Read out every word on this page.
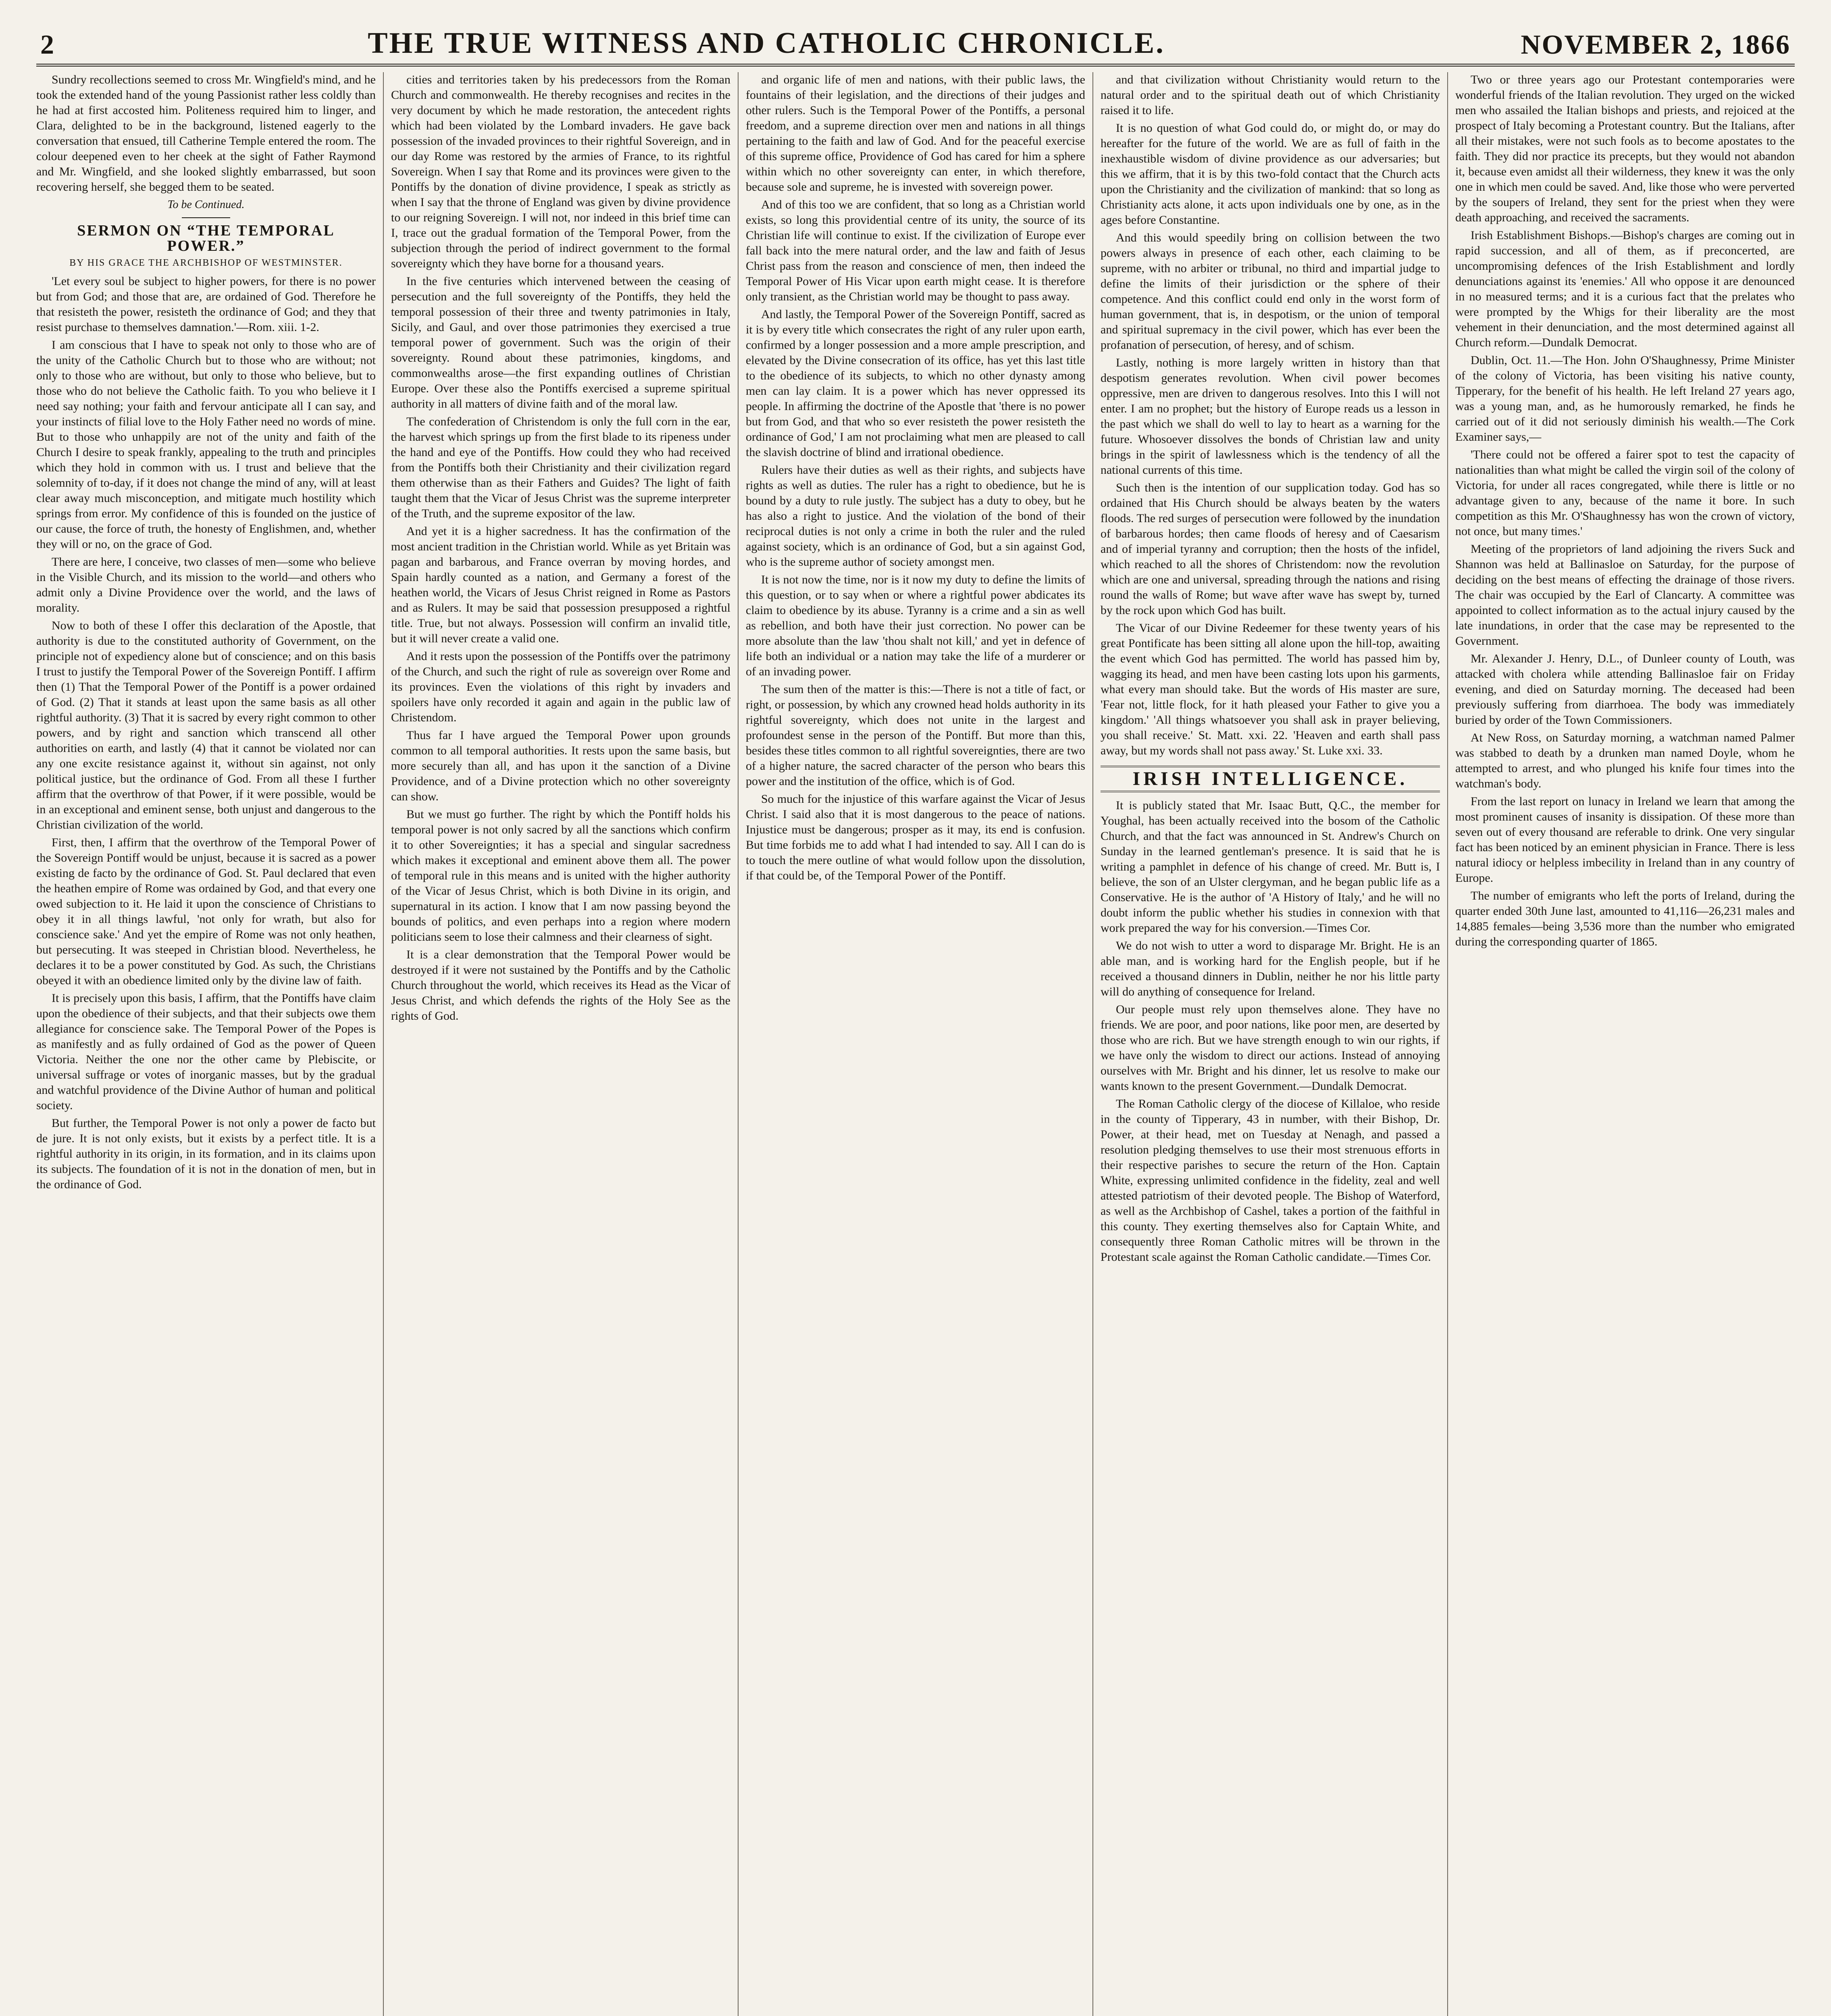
2	THE TRUE WITNESS AND CATHOLIC CHRONICLE.	NOVEMBER 2, 1866

Sundry recollections seemed to cross Mr. Wingfield's mind, and he took the extended hand of the young Passionist rather less coldly than he had at first accosted him. Politeness required him to linger, and Clara, delighted to be in the background, listened eagerly to the conversation that ensued, till Catherine Temple entered the room. The colour deepened even to her cheek at the sight of Father Raymond and Mr. Wingfield, and she looked slightly embarrassed, but soon recovering herself, she begged them to be seated.

To be Continued.
SERMON ON “THE TEMPORAL POWER.”
BY HIS GRACE THE ARCHBISHOP OF WESTMINSTER.

'Let every soul be subject to higher powers, for there is no power but from God; and those that are, are ordained of God. Therefore he that resisteth the power, resisteth the ordinance of God; and they that resist purchase to themselves damnation.'—Rom. xiii. 1-2.

I am conscious that I have to speak not only to those who are of the unity of the Catholic Church but to those who are without; not only to those who are without, but only to those who believe, but to those who do not believe the Catholic faith. To you who believe it I need say nothing; your faith and fervour anticipate all I can say, and your instincts of filial love to the Holy Father need no words of mine. But to those who unhappily are not of the unity and faith of the Church I desire to speak frankly, appealing to the truth and principles which they hold in common with us. I trust and believe that the solemnity of to-day, if it does not change the mind of any, will at least clear away much misconception, and mitigate much hostility which springs from error. My confidence of this is founded on the justice of our cause, the force of truth, the honesty of Englishmen, and, whether they will or no, on the grace of God.

There are here, I conceive, two classes of men—some who believe in the Visible Church, and its mission to the world—and others who admit only a Divine Providence over the world, and the laws of morality.

Now to both of these I offer this declaration of the Apostle, that authority is due to the constituted authority of Government, on the principle not of expediency alone but of conscience; and on this basis I trust to justify the Temporal Power of the Sovereign Pontiff. I affirm then (1) That the Temporal Power of the Pontiff is a power ordained of God. (2) That it stands at least upon the same basis as all other rightful authority. (3) That it is sacred by every right common to other powers, and by right and sanction which transcend all other authorities on earth, and lastly (4) that it cannot be violated nor can any one excite resistance against it, without sin against, not only political justice, but the ordinance of God. From all these I further affirm that the overthrow of that Power, if it were possible, would be in an exceptional and eminent sense, both unjust and dangerous to the Christian civilization of the world.

First, then, I affirm that the overthrow of the Temporal Power of the Sovereign Pontiff would be unjust, because it is sacred as a power existing de facto by the ordinance of God. St. Paul declared that even the heathen empire of Rome was ordained by God, and that every one owed subjection to it. He laid it upon the conscience of Christians to obey it in all things lawful, 'not only for wrath, but also for conscience sake.' And yet the empire of Rome was not only heathen, but persecuting. It was steeped in Christian blood. Nevertheless, he declares it to be a power constituted by God. As such, the Christians obeyed it with an obedience limited only by the divine law of faith.

It is precisely upon this basis, I affirm, that the Pontiffs have claim upon the obedience of their subjects, and that their subjects owe them allegiance for conscience sake. The Temporal Power of the Popes is as manifestly and as fully ordained of God as the power of Queen Victoria. Neither the one nor the other came by Plebiscite, or universal suffrage or votes of inorganic masses, but by the gradual and watchful providence of the Divine Author of human and political society.

But further, the Temporal Power is not only a power de facto but de jure. It is not only exists, but it exists by a perfect title. It is a rightful authority in its origin, in its formation, and in its claims upon its subjects. The foundation of it is not in the donation of men, but in the ordinance of God.

cities and territories taken by his predecessors from the Roman Church and commonwealth. He thereby recognises and recites in the very document by which he made restoration, the antecedent rights which had been violated by the Lombard invaders. He gave back possession of the invaded provinces to their rightful Sovereign, and in our day Rome was restored by the armies of France, to its rightful Sovereign. When I say that Rome and its provinces were given to the Pontiffs by the donation of divine providence, I speak as strictly as when I say that the throne of England was given by divine providence to our reigning Sovereign. I will not, nor indeed in this brief time can I, trace out the gradual formation of the Temporal Power, from the subjection through the period of indirect government to the formal sovereignty which they have borne for a thousand years.

In the five centuries which intervened between the ceasing of persecution and the full sovereignty of the Pontiffs, they held the temporal possession of their three and twenty patrimonies in Italy, Sicily, and Gaul, and over those patrimonies they exercised a true temporal power of government. Such was the origin of their sovereignty. Round about these patrimonies, kingdoms, and commonwealths arose—the first expanding outlines of Christian Europe. Over these also the Pontiffs exercised a supreme spiritual authority in all matters of divine faith and of the moral law.

The confederation of Christendom is only the full corn in the ear, the harvest which springs up from the first blade to its ripeness under the hand and eye of the Pontiffs. How could they who had received from the Pontiffs both their Christianity and their civilization regard them otherwise than as their Fathers and Guides? The light of faith taught them that the Vicar of Jesus Christ was the supreme interpreter of the Truth, and the supreme expositor of the law.

And yet it is a higher sacredness. It has the confirmation of the most ancient tradition in the Christian world. While as yet Britain was pagan and barbarous, and France overran by moving hordes, and Spain hardly counted as a nation, and Germany a forest of the heathen world, the Vicars of Jesus Christ reigned in Rome as Pastors and as Rulers. It may be said that possession presupposed a rightful title. True, but not always. Possession will confirm an invalid title, but it will never create a valid one.

And it rests upon the possession of the Pontiffs over the patrimony of the Church, and such the right of rule as sovereign over Rome and its provinces. Even the violations of this right by invaders and spoilers have only recorded it again and again in the public law of Christendom.

Thus far I have argued the Temporal Power upon grounds common to all temporal authorities. It rests upon the same basis, but more securely than all, and has upon it the sanction of a Divine Providence, and of a Divine protection which no other sovereignty can show.

But we must go further. The right by which the Pontiff holds his temporal power is not only sacred by all the sanctions which confirm it to other Sovereignties; it has a special and singular sacredness which makes it exceptional and eminent above them all. The power of temporal rule in this means and is united with the higher authority of the Vicar of Jesus Christ, which is both Divine in its origin, and supernatural in its action. I know that I am now passing beyond the bounds of politics, and even perhaps into a region where modern politicians seem to lose their calmness and their clearness of sight.

It is a clear demonstration that the Temporal Power would be destroyed if it were not sustained by the Pontiffs and by the Catholic Church throughout the world, which receives its Head as the Vicar of Jesus Christ, and which defends the rights of the Holy See as the rights of God.

and organic life of men and nations, with their public laws, the fountains of their legislation, and the directions of their judges and other rulers. Such is the Temporal Power of the Pontiffs, a personal freedom, and a supreme direction over men and nations in all things pertaining to the faith and law of God. And for the peaceful exercise of this supreme office, Providence of God has cared for him a sphere within which no other sovereignty can enter, in which therefore, because sole and supreme, he is invested with sovereign power.

And of this too we are confident, that so long as a Christian world exists, so long this providential centre of its unity, the source of its Christian life will continue to exist. If the civilization of Europe ever fall back into the mere natural order, and the law and faith of Jesus Christ pass from the reason and conscience of men, then indeed the Temporal Power of His Vicar upon earth might cease. It is therefore only transient, as the Christian world may be thought to pass away.

And lastly, the Temporal Power of the Sovereign Pontiff, sacred as it is by every title which consecrates the right of any ruler upon earth, confirmed by a longer possession and a more ample prescription, and elevated by the Divine consecration of its office, has yet this last title to the obedience of its subjects, to which no other dynasty among men can lay claim. It is a power which has never oppressed its people. In affirming the doctrine of the Apostle that 'there is no power but from God, and that who so ever resisteth the power resisteth the ordinance of God,' I am not proclaiming what men are pleased to call the slavish doctrine of blind and irrational obedience.

Rulers have their duties as well as their rights, and subjects have rights as well as duties. The ruler has a right to obedience, but he is bound by a duty to rule justly. The subject has a duty to obey, but he has also a right to justice. And the violation of the bond of their reciprocal duties is not only a crime in both the ruler and the ruled against society, which is an ordinance of God, but a sin against God, who is the supreme author of society amongst men.

It is not now the time, nor is it now my duty to define the limits of this question, or to say when or where a rightful power abdicates its claim to obedience by its abuse. Tyranny is a crime and a sin as well as rebellion, and both have their just correction. No power can be more absolute than the law 'thou shalt not kill,' and yet in defence of life both an individual or a nation may take the life of a murderer or of an invading power.

The sum then of the matter is this:—There is not a title of fact, or right, or possession, by which any crowned head holds authority in its rightful sovereignty, which does not unite in the largest and profoundest sense in the person of the Pontiff. But more than this, besides these titles common to all rightful sovereignties, there are two of a higher nature, the sacred character of the person who bears this power and the institution of the office, which is of God.

So much for the injustice of this warfare against the Vicar of Jesus Christ. I said also that it is most dangerous to the peace of nations. Injustice must be dangerous; prosper as it may, its end is confusion. But time forbids me to add what I had intended to say. All I can do is to touch the mere outline of what would follow upon the dissolution, if that could be, of the Temporal Power of the Pontiff.

and that civilization without Christianity would return to the natural order and to the spiritual death out of which Christianity raised it to life.

It is no question of what God could do, or might do, or may do hereafter for the future of the world. We are as full of faith in the inexhaustible wisdom of divine providence as our adversaries; but this we affirm, that it is by this two-fold contact that the Church acts upon the Christianity and the civilization of mankind: that so long as Christianity acts alone, it acts upon individuals one by one, as in the ages before Constantine.

And this would speedily bring on collision between the two powers always in presence of each other, each claiming to be supreme, with no arbiter or tribunal, no third and impartial judge to define the limits of their jurisdiction or the sphere of their competence. And this conflict could end only in the worst form of human government, that is, in despotism, or the union of temporal and spiritual supremacy in the civil power, which has ever been the profanation of persecution, of heresy, and of schism.

Lastly, nothing is more largely written in history than that despotism generates revolution. When civil power becomes oppressive, men are driven to dangerous resolves. Into this I will not enter. I am no prophet; but the history of Europe reads us a lesson in the past which we shall do well to lay to heart as a warning for the future. Whosoever dissolves the bonds of Christian law and unity brings in the spirit of lawlessness which is the tendency of all the national currents of this time.

Such then is the intention of our supplication today. God has so ordained that His Church should be always beaten by the waters floods. The red surges of persecution were followed by the inundation of barbarous hordes; then came floods of heresy and of Caesarism and of imperial tyranny and corruption; then the hosts of the infidel, which reached to all the shores of Christendom: now the revolution which are one and universal, spreading through the nations and rising round the walls of Rome; but wave after wave has swept by, turned by the rock upon which God has built.

The Vicar of our Divine Redeemer for these twenty years of his great Pontificate has been sitting all alone upon the hill-top, awaiting the event which God has permitted. The world has passed him by, wagging its head, and men have been casting lots upon his garments, what every man should take. But the words of His master are sure, 'Fear not, little flock, for it hath pleased your Father to give you a kingdom.' 'All things whatsoever you shall ask in prayer believing, you shall receive.' St. Matt. xxi. 22. 'Heaven and earth shall pass away, but my words shall not pass away.' St. Luke xxi. 33.

IRISH INTELLIGENCE.

It is publicly stated that Mr. Isaac Butt, Q.C., the member for Youghal, has been actually received into the bosom of the Catholic Church, and that the fact was announced in St. Andrew's Church on Sunday in the learned gentleman's presence. It is said that he is writing a pamphlet in defence of his change of creed. Mr. Butt is, I believe, the son of an Ulster clergyman, and he began public life as a Conservative. He is the author of 'A History of Italy,' and he will no doubt inform the public whether his studies in connexion with that work prepared the way for his conversion.—Times Cor.

We do not wish to utter a word to disparage Mr. Bright. He is an able man, and is working hard for the English people, but if he received a thousand dinners in Dublin, neither he nor his little party will do anything of consequence for Ireland.

Our people must rely upon themselves alone. They have no friends. We are poor, and poor nations, like poor men, are deserted by those who are rich. But we have strength enough to win our rights, if we have only the wisdom to direct our actions. Instead of annoying ourselves with Mr. Bright and his dinner, let us resolve to make our wants known to the present Government.—Dundalk Democrat.

The Roman Catholic clergy of the diocese of Killaloe, who reside in the county of Tipperary, 43 in number, with their Bishop, Dr. Power, at their head, met on Tuesday at Nenagh, and passed a resolution pledging themselves to use their most strenuous efforts in their respective parishes to secure the return of the Hon. Captain White, expressing unlimited confidence in the fidelity, zeal and well attested patriotism of their devoted people. The Bishop of Waterford, as well as the Archbishop of Cashel, takes a portion of the faithful in this county. They exerting themselves also for Captain White, and consequently three Roman Catholic mitres will be thrown in the Protestant scale against the Roman Catholic candidate.—Times Cor.

Two or three years ago our Protestant contemporaries were wonderful friends of the Italian revolution. They urged on the wicked men who assailed the Italian bishops and priests, and rejoiced at the prospect of Italy becoming a Protestant country. But the Italians, after all their mistakes, were not such fools as to become apostates to the faith. They did nor practice its precepts, but they would not abandon it, because even amidst all their wilderness, they knew it was the only one in which men could be saved. And, like those who were perverted by the soupers of Ireland, they sent for the priest when they were death approaching, and received the sacraments.

Irish Establishment Bishops.—Bishop's charges are coming out in rapid succession, and all of them, as if preconcerted, are uncompromising defences of the Irish Establishment and lordly denunciations against its 'enemies.' All who oppose it are denounced in no measured terms; and it is a curious fact that the prelates who were prompted by the Whigs for their liberality are the most vehement in their denunciation, and the most determined against all Church reform.—Dundalk Democrat.

Dublin, Oct. 11.—The Hon. John O'Shaughnessy, Prime Minister of the colony of Victoria, has been visiting his native county, Tipperary, for the benefit of his health. He left Ireland 27 years ago, was a young man, and, as he humorously remarked, he finds he carried out of it did not seriously diminish his wealth.—The Cork Examiner says,—

'There could not be offered a fairer spot to test the capacity of nationalities than what might be called the virgin soil of the colony of Victoria, for under all races congregated, while there is little or no advantage given to any, because of the name it bore. In such competition as this Mr. O'Shaughnessy has won the crown of victory, not once, but many times.'

Meeting of the proprietors of land adjoining the rivers Suck and Shannon was held at Ballinasloe on Saturday, for the purpose of deciding on the best means of effecting the drainage of those rivers. The chair was occupied by the Earl of Clancarty. A committee was appointed to collect information as to the actual injury caused by the late inundations, in order that the case may be represented to the Government.

Mr. Alexander J. Henry, D.L., of Dunleer county of Louth, was attacked with cholera while attending Ballinasloe fair on Friday evening, and died on Saturday morning. The deceased had been previously suffering from diarrhoea. The body was immediately buried by order of the Town Commissioners.

At New Ross, on Saturday morning, a watchman named Palmer was stabbed to death by a drunken man named Doyle, whom he attempted to arrest, and who plunged his knife four times into the watchman's body.

From the last report on lunacy in Ireland we learn that among the most prominent causes of insanity is dissipation. Of these more than seven out of every thousand are referable to drink. One very singular fact has been noticed by an eminent physician in France. There is less natural idiocy or helpless imbecility in Ireland than in any country of Europe.

The number of emigrants who left the ports of Ireland, during the quarter ended 30th June last, amounted to 41,116—26,231 males and 14,885 females—being 3,536 more than the number who emigrated during the corresponding quarter of 1865.
